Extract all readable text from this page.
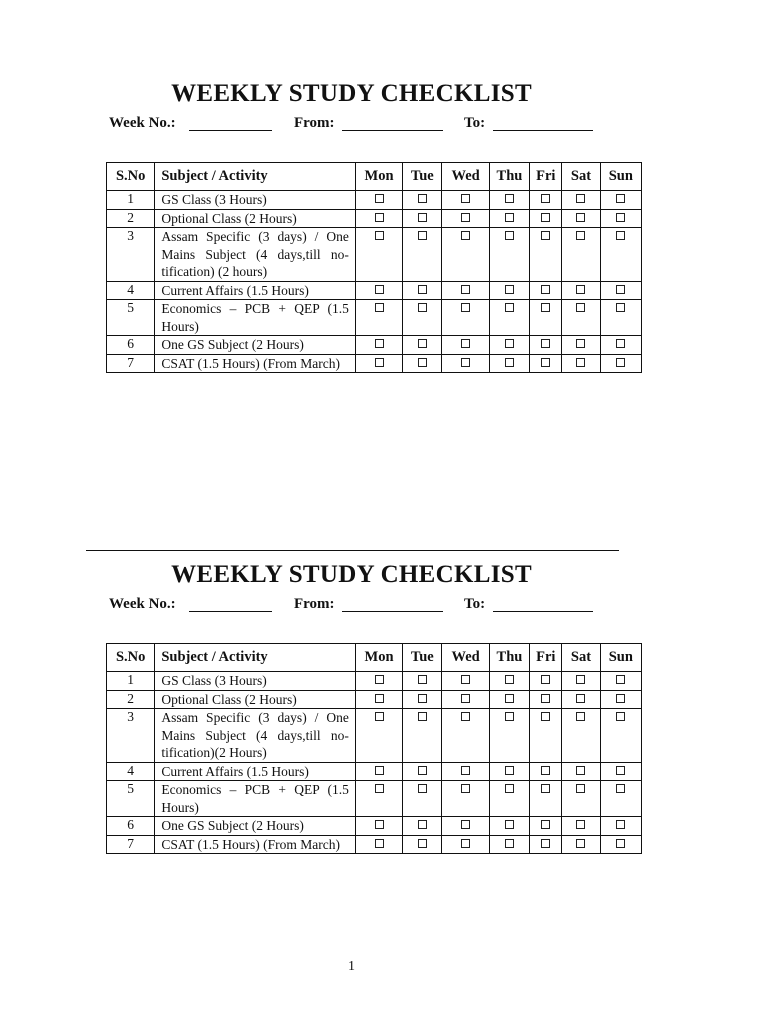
WEEKLY STUDY CHECKLIST
Week No.:	From:	To:
S.No	Subject / Activity	Mon	Tue	Wed	Thu	Fri	Sat	Sun
1	GS Class (3 Hours)							
2	Optional Class (2 Hours)							
3	Assam Specific (3 days) / One Mains Subject (4 days,till no-tification) (2 hours)							
4	Current Affairs (1.5 Hours)							
5	Economics – PCB + QEP (1.5 Hours)							
6	One GS Subject (2 Hours)							
7	CSAT (1.5 Hours) (From March)							
WEEKLY STUDY CHECKLIST
Week No.:	From:	To:
S.No	Subject / Activity	Mon	Tue	Wed	Thu	Fri	Sat	Sun
1	GS Class (3 Hours)							
2	Optional Class (2 Hours)							
3	Assam Specific (3 days) / One Mains Subject (4 days,till no-tification)(2 Hours)							
4	Current Affairs (1.5 Hours)							
5	Economics – PCB + QEP (1.5 Hours)							
6	One GS Subject (2 Hours)							
7	CSAT (1.5 Hours) (From March)							
1
